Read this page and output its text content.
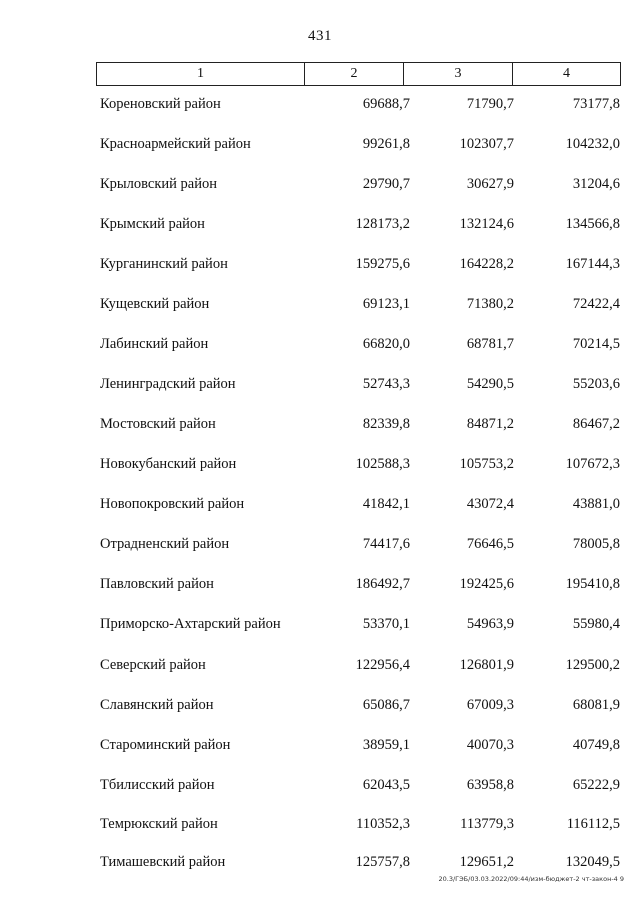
431
1	2	3	4
Кореновский район	69688,7	71790,7	73177,8
Красноармейский район	99261,8	102307,7	104232,0
Крыловский район	29790,7	30627,9	31204,6
Крымский район	128173,2	132124,6	134566,8
Курганинский район	159275,6	164228,2	167144,3
Кущевский район	69123,1	71380,2	72422,4
Лабинский район	66820,0	68781,7	70214,5
Ленинградский район	52743,3	54290,5	55203,6
Мостовский район	82339,8	84871,2	86467,2
Новокубанский район	102588,3	105753,2	107672,3
Новопокровский район	41842,1	43072,4	43881,0
Отрадненский район	74417,6	76646,5	78005,8
Павловский район	186492,7	192425,6	195410,8
Приморско-Ахтарский район	53370,1	54963,9	55980,4
Северский район	122956,4	126801,9	129500,2
Славянский район	65086,7	67009,3	68081,9
Староминский район	38959,1	40070,3	40749,8
Тбилисский район	62043,5	63958,8	65222,9
Темрюкский район	110352,3	113779,3	116112,5
Тимашевский район	125757,8	129651,2	132049,5
20.3/ГЭБ/03.03.2022/09:44/изм-бюджет-2 чт-закон-4 9
